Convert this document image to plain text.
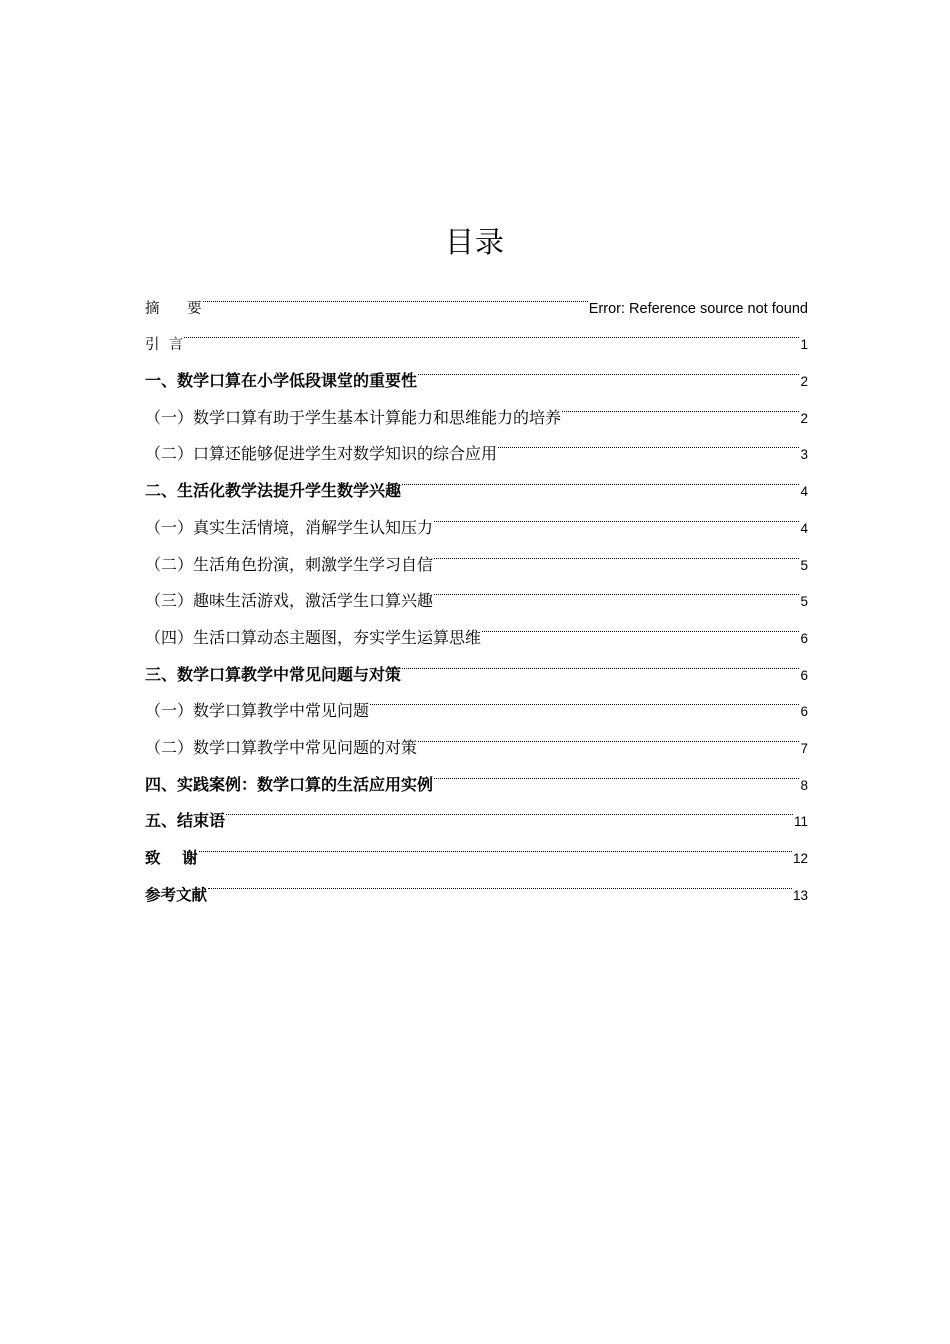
目录
摘      要	Error: Reference source not found
引  言	1
一、数学口算在小学低段课堂的重要性	2
（一）数学口算有助于学生基本计算能力和思维能力的培养	2
（二）口算还能够促进学生对数学知识的综合应用	3
二、生活化教学法提升学生数学兴趣	4
（一）真实生活情境，消解学生认知压力	4
（二）生活角色扮演，刺激学生学习自信	5
（三）趣味生活游戏，激活学生口算兴趣	5
（四）生活口算动态主题图，夯实学生运算思维	6
三、数学口算教学中常见问题与对策	6
（一）数学口算教学中常见问题	6
（二）数学口算教学中常见问题的对策	7
四、实践案例：数学口算的生活应用实例	8
五、结束语	11
致    谢	12
参考文献	13
